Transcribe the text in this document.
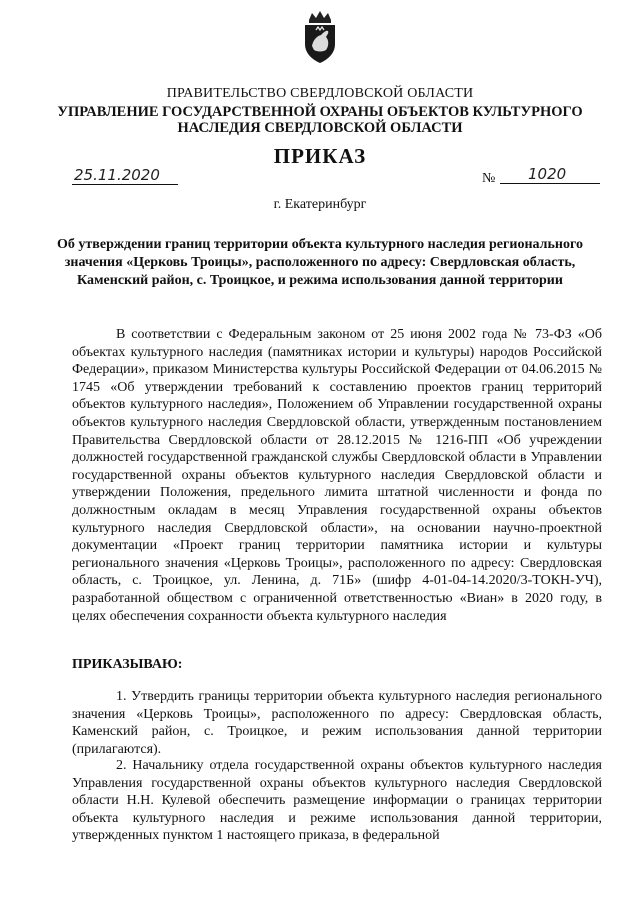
ПРАВИТЕЛЬСТВО СВЕРДЛОВСКОЙ ОБЛАСТИ
УПРАВЛЕНИЕ ГОСУДАРСТВЕННОЙ ОХРАНЫ ОБЪЕКТОВ КУЛЬТУРНОГО НАСЛЕДИЯ СВЕРДЛОВСКОЙ ОБЛАСТИ
ПРИКАЗ
25.11.2020	№	1020
г. Екатеринбург
Об утверждении границ территории объекта культурного наследия регионального значения «Церковь Троицы», расположенного по адресу: Свердловская область, Каменский район, с. Троицкое, и режима использования данной территории
В соответствии с Федеральным законом от 25 июня 2002 года № 73-ФЗ «Об объектах культурного наследия (памятниках истории и культуры) народов Российской Федерации», приказом Министерства культуры Российской Федерации от 04.06.2015 № 1745 «Об утверждении требований к составлению проектов границ территорий объектов культурного наследия», Положением об Управлении государственной охраны объектов культурного наследия Свердловской области, утвержденным постановлением Правительства Свердловской области от 28.12.2015 № 1216-ПП «Об учреждении должностей государственной гражданской службы Свердловской области в Управлении государственной охраны объектов культурного наследия Свердловской области и утверждении Положения, предельного лимита штатной численности и фонда по должностным окладам в месяц Управления государственной охраны объектов культурного наследия Свердловской области», на основании научно-проектной документации «Проект границ территории памятника истории и культуры регионального значения «Церковь Троицы», расположенного по адресу: Свердловская область, с. Троицкое, ул. Ленина, д. 71Б» (шифр 4-01-04-14.2020/3-ТОКН-УЧ), разработанной обществом с ограниченной ответственностью «Виан» в 2020 году, в целях обеспечения сохранности объекта культурного наследия
ПРИКАЗЫВАЮ:
1. Утвердить границы территории объекта культурного наследия регионального значения «Церковь Троицы», расположенного по адресу: Свердловская область, Каменский район, с. Троицкое, и режим использования данной территории (прилагаются).
2. Начальнику отдела государственной охраны объектов культурного наследия Управления государственной охраны объектов культурного наследия Свердловской области Н.Н. Кулевой обеспечить размещение информации о границах территории объекта культурного наследия и режиме использования данной территории, утвержденных пунктом 1 настоящего приказа, в федеральной
